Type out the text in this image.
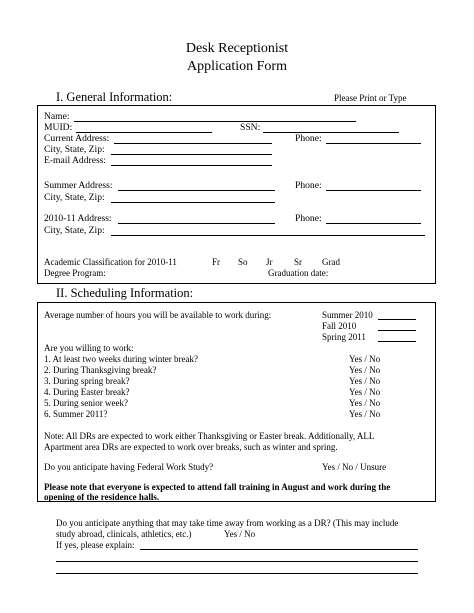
Desk Receptionist
Application Form
I. General Information:	Please Print or Type
Name:
MUID:	SSN:
Current Address:	Phone:
City, State, Zip:
E-mail Address:
Summer Address:	Phone:
City, State, Zip:
2010-11 Address:	Phone:
City, State, Zip:
Academic Classification for 2010-11	Fr So Jr Sr Grad
Degree Program:	Graduation date:
II. Scheduling Information:
Average number of hours you will be available to work during:	Summer 2010
Fall 2010
Spring 2011
Are you willing to work:
1. At least two weeks during winter break?	Yes / No
2. During Thanksgiving break?	Yes / No
3. During spring break?	Yes / No
4. During Easter break?	Yes / No
5. During senior week?	Yes / No
6. Summer 2011?	Yes / No
Note: All DRs are expected to work either Thanksgiving or Easter break. Additionally, ALL
Apartment area DRs are expected to work over breaks, such as winter and spring.
Do you anticipate having Federal Work Study?	Yes / No / Unsure
Please note that everyone is expected to attend fall training in August and work during the
opening of the residence halls.
Do you anticipate anything that may take time away from working as a DR? (This may include
study abroad, clinicals, athletics, etc.)	Yes / No
If yes, please explain:
